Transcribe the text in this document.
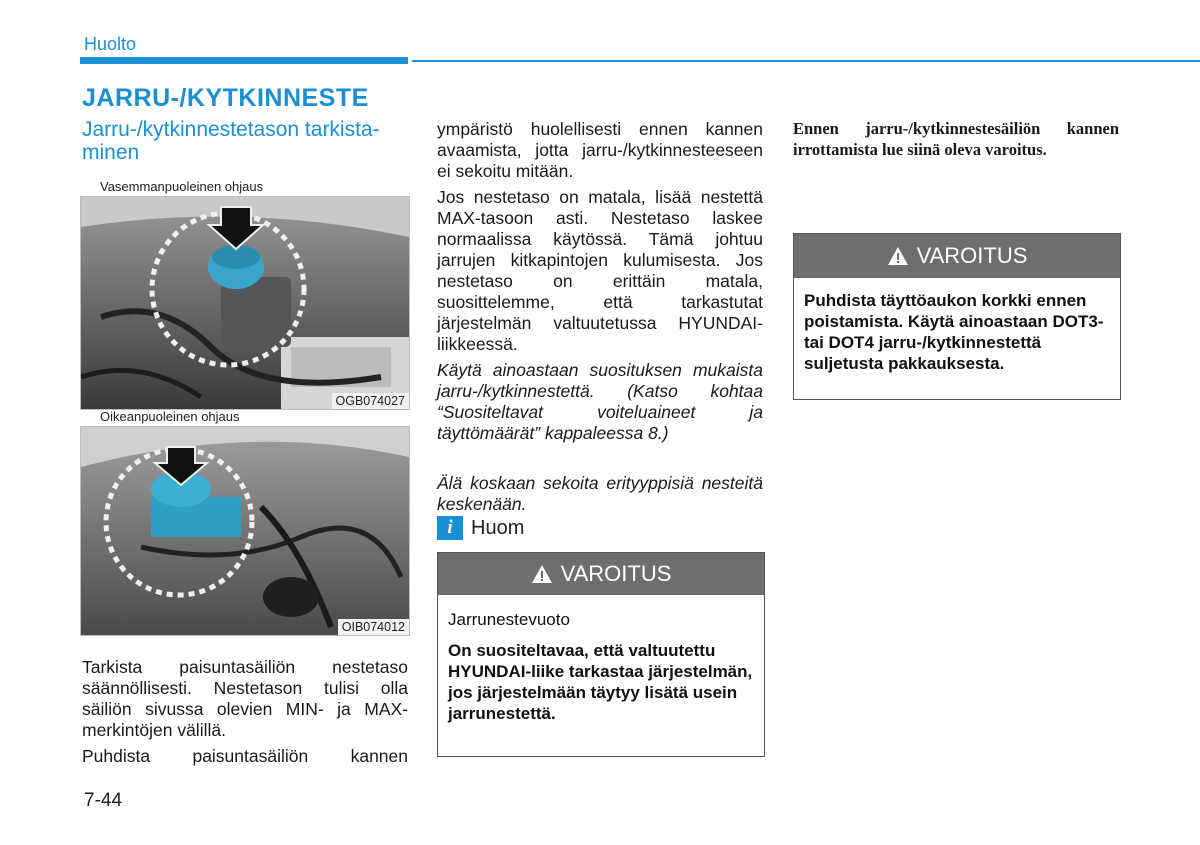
Huolto
JARRU-/KYTKINNESTE
Jarru-/kytkinnestetason tarkista-minen
Vasemmanpuoleinen ohjaus
OGB074027
Oikeanpuoleinen ohjaus
OIB074012
Tarkista paisuntasäiliön nestetaso säännöllisesti. Nestetason tulisi olla säiliön sivussa olevien MIN- ja MAX-merkintöjen välillä.
Puhdista paisuntasäiliön kannen
ympäristö huolellisesti ennen kannen avaamista, jotta jarru-/kytkinnesteeseen ei sekoitu mitään.
Jos nestetaso on matala, lisää nestettä MAX-tasoon asti. Nestetaso laskee normaalissa käytössä. Tämä johtuu jarrujen kitkapintojen kulumisesta. Jos nestetaso on erittäin matala, suosittelemme, että tarkastutat järjestelmän valtuutetussa HYUNDAI-liikkeessä.
Käytä ainoastaan suosituksen mukaista jarru-/kytkinnestettä. (Katso kohtaa “Suositeltavat voiteluaineet ja täyttömäärät” kappaleessa 8.)
Älä koskaan sekoita erityyppisiä nesteitä keskenään.
i Huom
VAROITUS
Jarrunestevuoto
On suositeltavaa, että valtuutettu HYUNDAI-liike tarkastaa järjestelmän, jos järjestelmään täytyy lisätä usein jarrunestettä.
Ennen jarru-/kytkinnestesäiliön kannen irrottamista lue siinä oleva varoitus.
VAROITUS
Puhdista täyttöaukon korkki ennen poistamista. Käytä ainoastaan DOT3- tai DOT4 jarru-/kytkinnestettä suljetusta pakkauksesta.
7-44
